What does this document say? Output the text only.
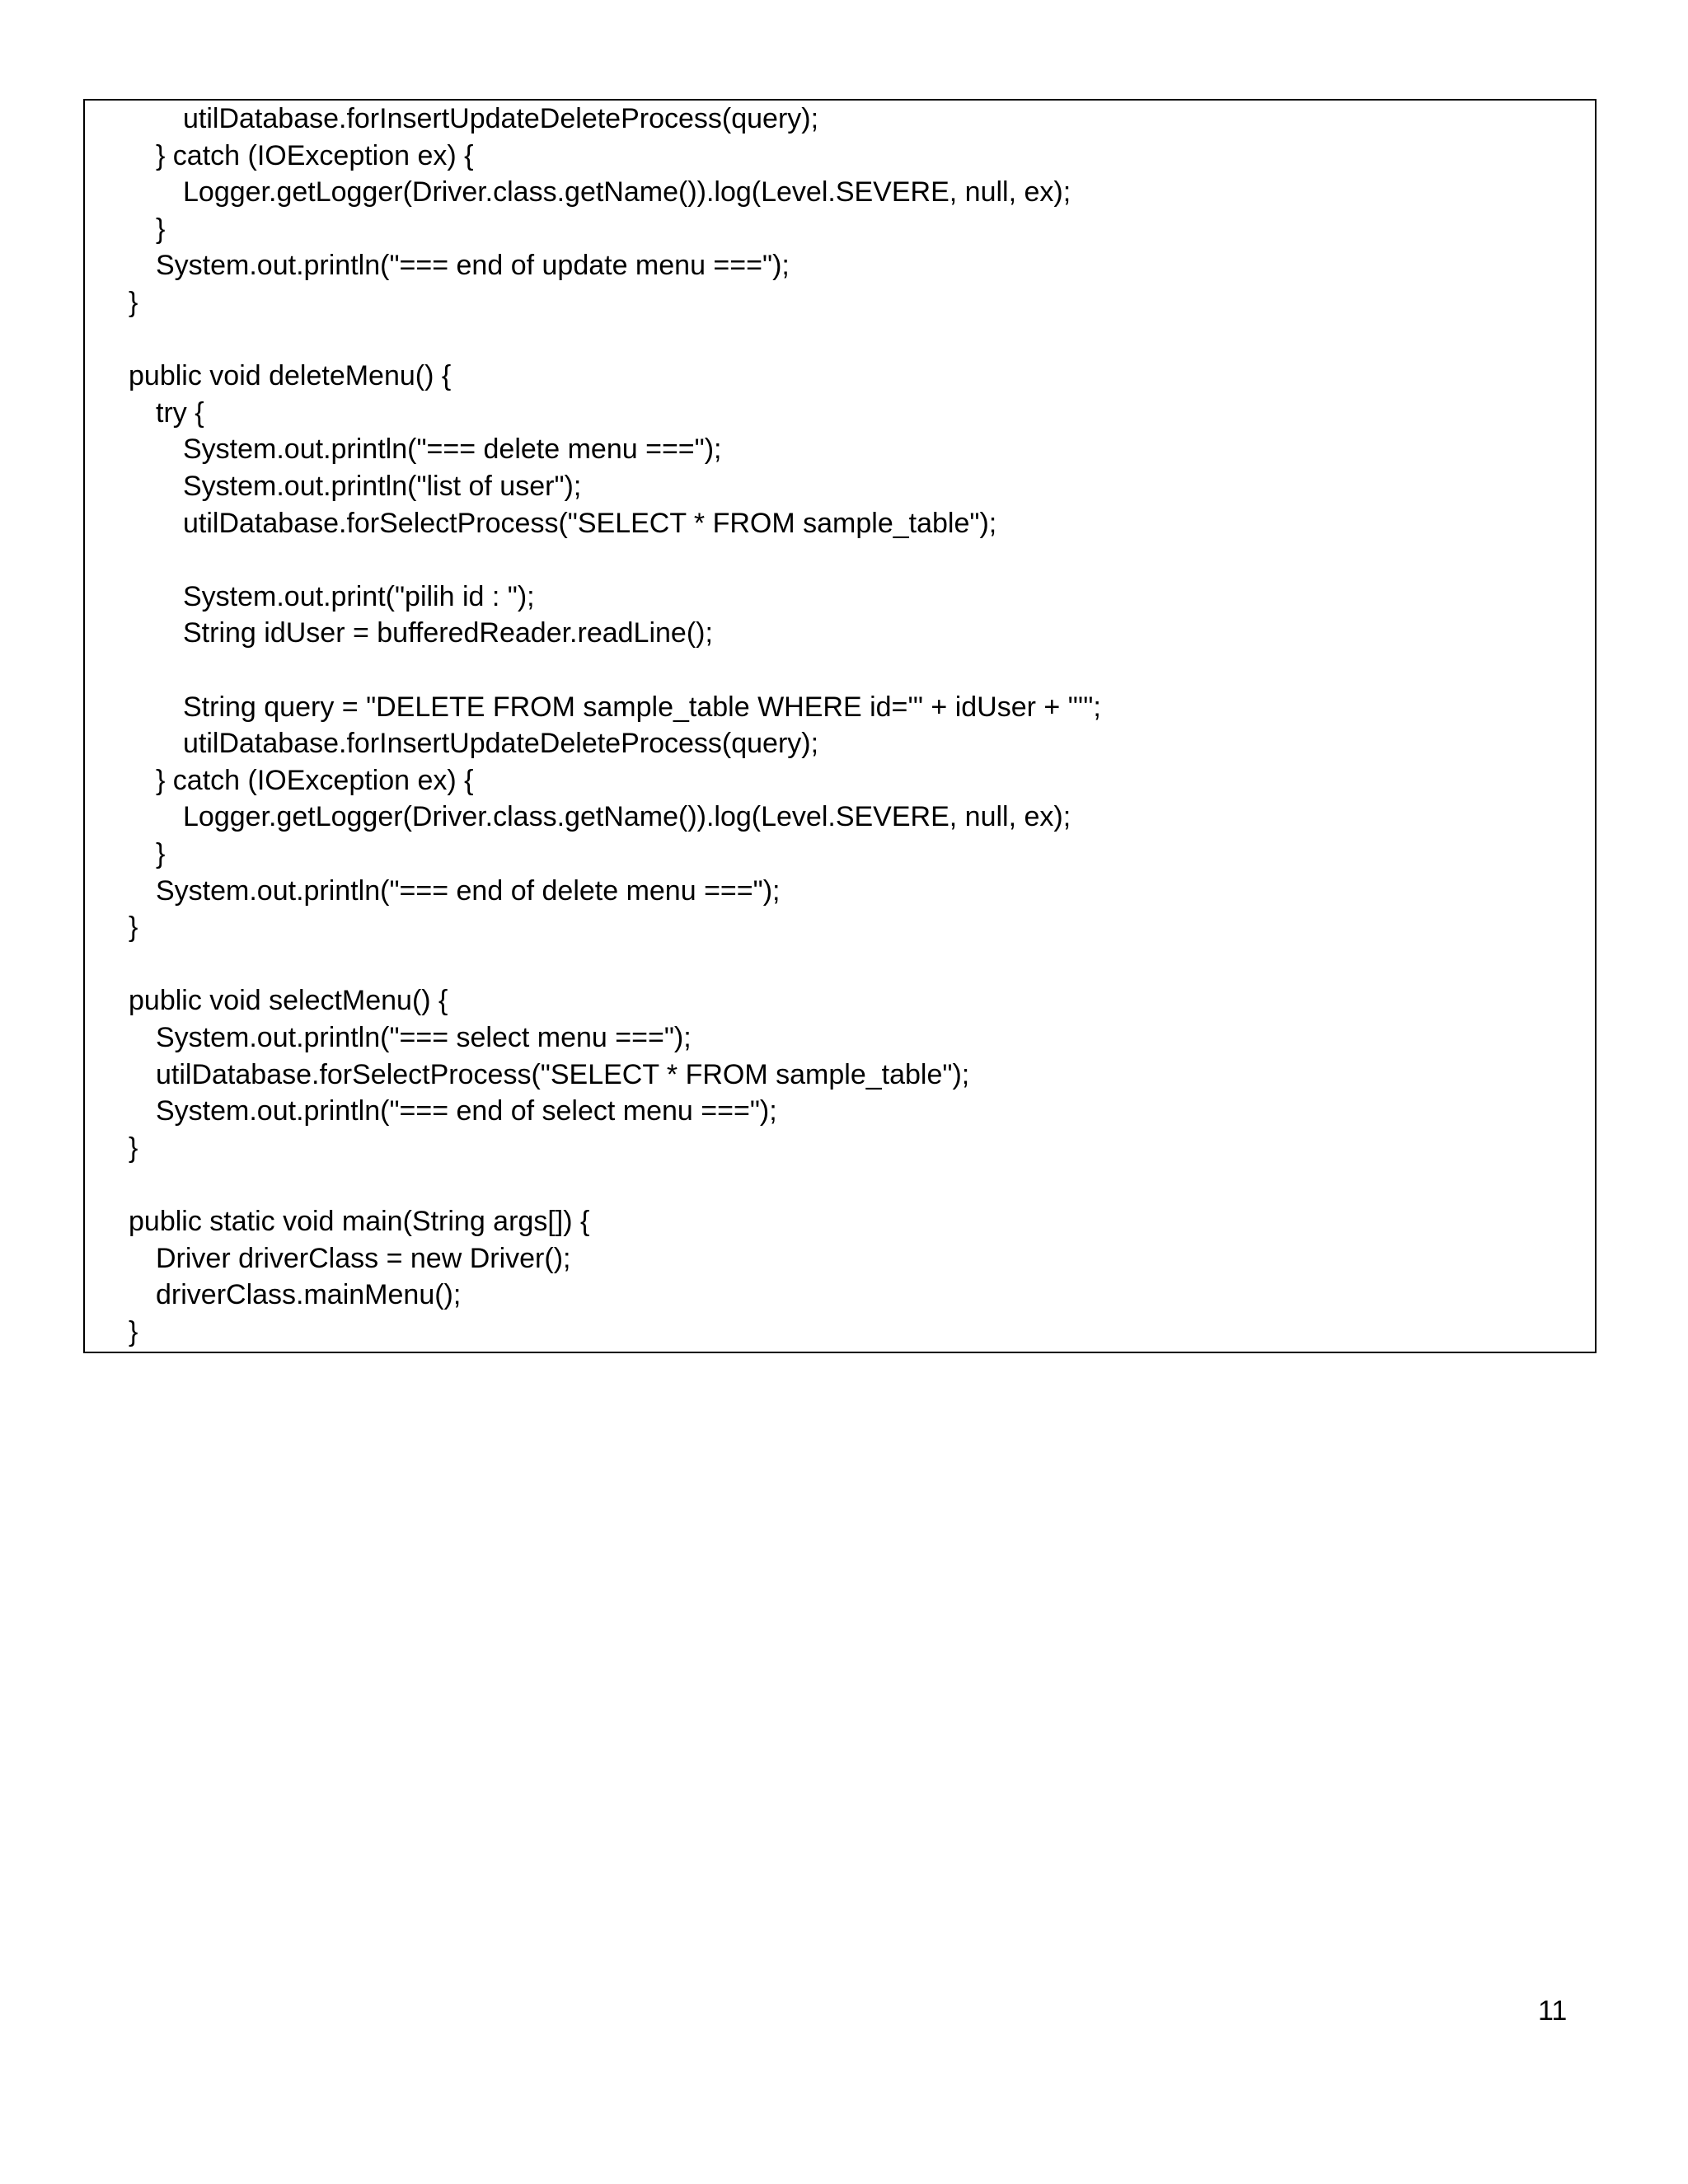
utilDatabase.forInsertUpdateDeleteProcess(query);
} catch (IOException ex) {
Logger.getLogger(Driver.class.getName()).log(Level.SEVERE, null, ex);
}
System.out.println("=== end of update menu ===");
}
public void deleteMenu() {
try {
System.out.println("=== delete menu ===");
System.out.println("list of user");
utilDatabase.forSelectProcess("SELECT * FROM sample_table");
System.out.print("pilih id : ");
String idUser = bufferedReader.readLine();
String query = "DELETE FROM sample_table WHERE id='" + idUser + "'";
utilDatabase.forInsertUpdateDeleteProcess(query);
} catch (IOException ex) {
Logger.getLogger(Driver.class.getName()).log(Level.SEVERE, null, ex);
}
System.out.println("=== end of delete menu ===");
}
public void selectMenu() {
System.out.println("=== select menu ===");
utilDatabase.forSelectProcess("SELECT * FROM sample_table");
System.out.println("=== end of select menu ===");
}
public static void main(String args[]) {
Driver driverClass = new Driver();
driverClass.mainMenu();
}
11
